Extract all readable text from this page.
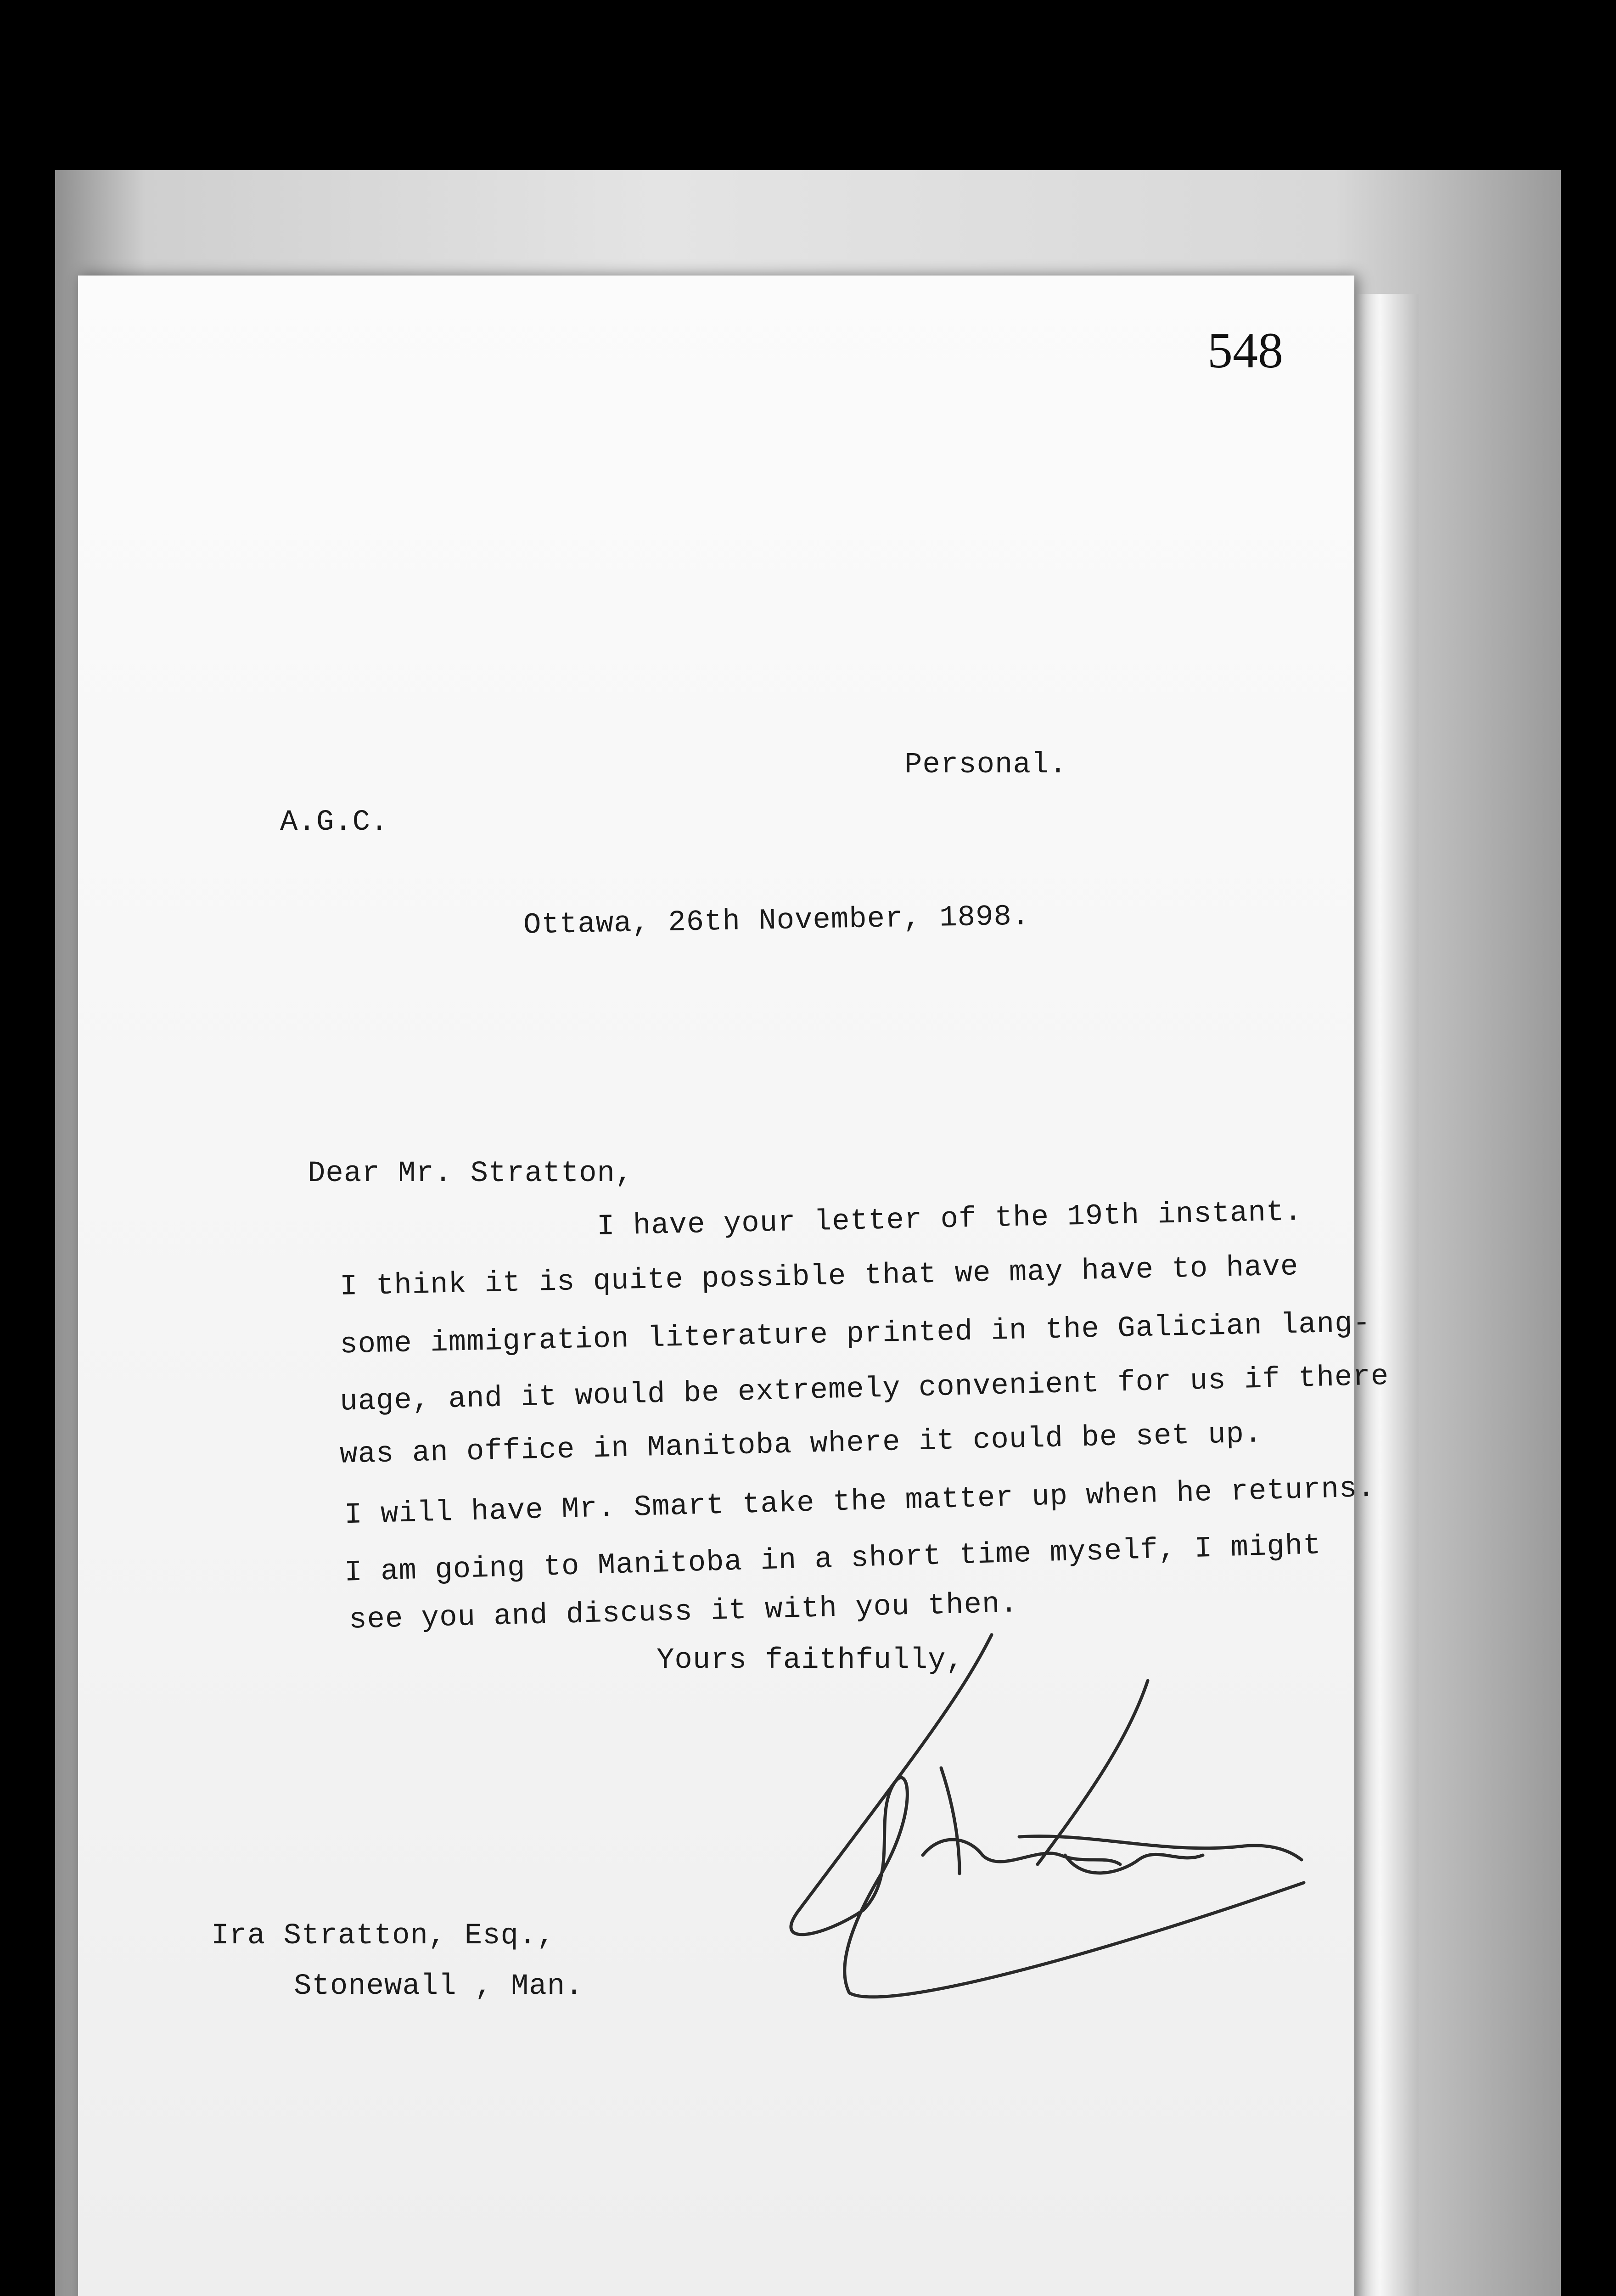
548
Personal.
A.G.C.
Ottawa, 26th November, 1898.
Dear Mr. Stratton,
I have your letter of the 19th instant.
I think it is quite possible that we may have to have
some immigration literature printed in the Galician lang-
uage, and it would be extremely convenient for us if there
was an office in Manitoba where it could be set up.
I will have Mr. Smart take the matter up when he returns.
I am going to Manitoba in a short time myself, I might
see you and discuss it with you then.
Yours faithfully,
Ira Stratton, Esq.,
Stonewall , Man.
